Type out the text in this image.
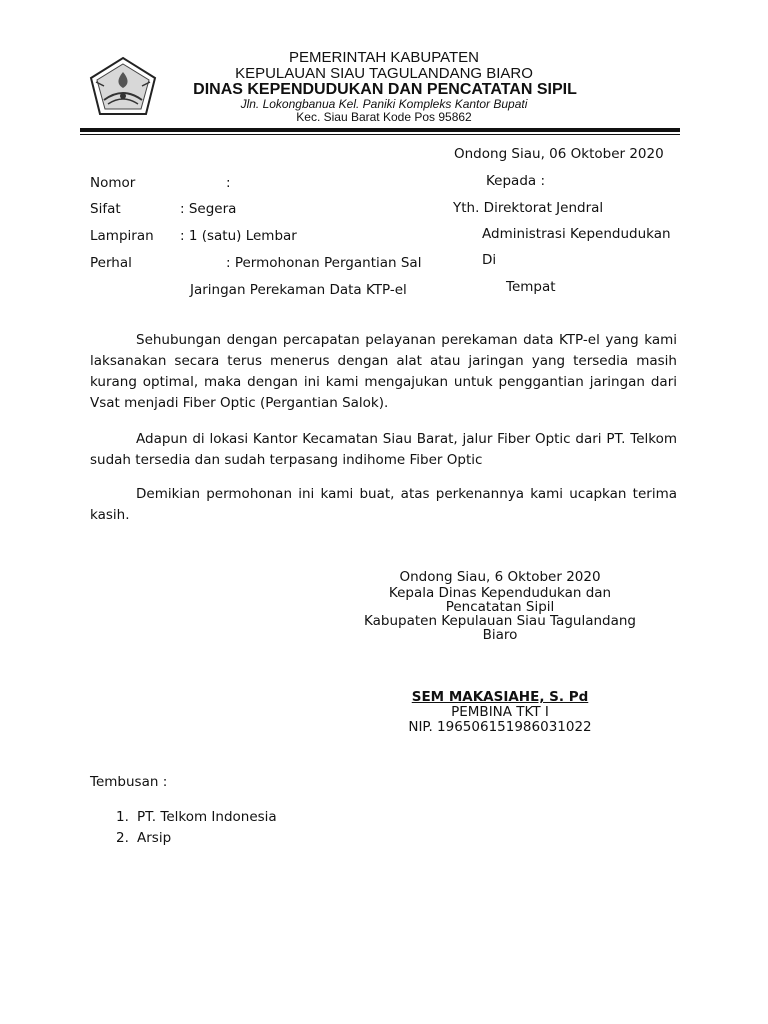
PEMERINTAH KABUPATEN
KEPULAUAN SIAU TAGULANDANG BIARO
DINAS KEPENDUDUKAN DAN PENCATATAN SIPIL
Jln. Lokongbanua Kel. Paniki Kompleks Kantor Bupati
Kec. Siau Barat Kode Pos 95862
Ondong Siau, 06 Oktober 2020
Nomor	:
Sifat	: Segera
Lampiran : 1 (satu) Lembar
Perhal	: Permohonan Pergantian Sal
Jaringan Perekaman Data KTP-el
Kepada :
Yth. Direktorat Jendral
Administrasi Kependudukan
Di
Tempat
Sehubungan dengan percapatan pelayanan perekaman data KTP-el yang kami laksanakan secara terus menerus dengan alat atau jaringan yang tersedia masih kurang optimal, maka dengan ini kami mengajukan untuk penggantian jaringan dari Vsat menjadi Fiber Optic (Pergantian Salok).
Adapun di lokasi Kantor Kecamatan Siau Barat, jalur Fiber Optic dari PT. Telkom sudah tersedia dan sudah terpasang indihome Fiber Optic
Demikian permohonan ini kami buat, atas perkenannya kami ucapkan terima kasih.
Ondong Siau, 6 Oktober 2020
Kepala Dinas Kependudukan dan
Pencatatan Sipil
Kabupaten Kepulauan Siau Tagulandang
Biaro
SEM MAKASIAHE, S. Pd
PEMBINA TKT I
NIP. 196506151986031022
Tembusan :
1. PT. Telkom Indonesia
2. Arsip
